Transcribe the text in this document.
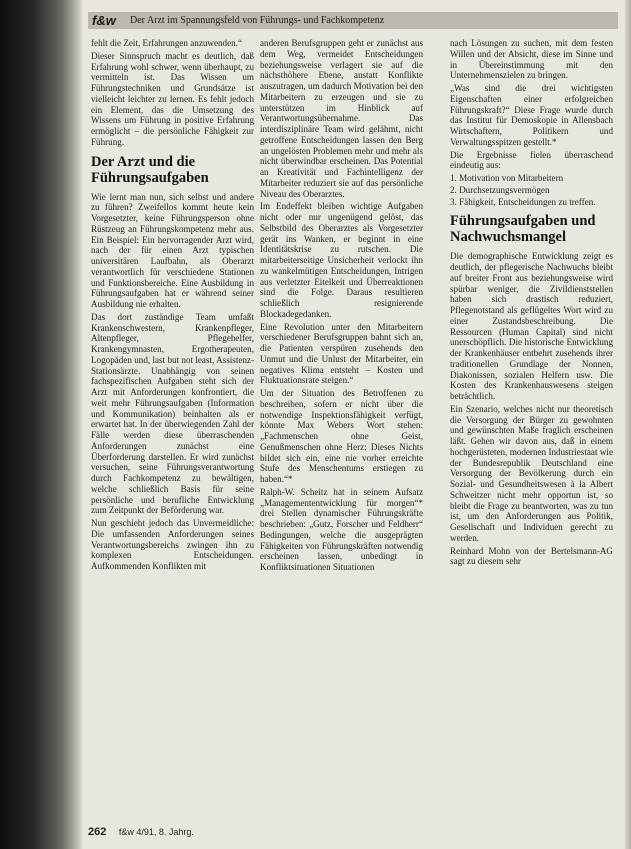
f&w Der Arzt im Spannungsfeld von Führungs- und Fachkompetenz

fehlt die Zeit, Erfahrungen anzuwenden.“

Dieser Sinnspruch macht es deutlich, daß Erfahrung wohl schwer, wenn überhaupt, zu vermitteln ist. Das Wissen um Führungstechniken und Grundsätze ist vielleicht leichter zu lernen. Es fehlt jedoch ein Element, das die Umsetzung des Wissens um Führung in positive Erfahrung ermöglicht – die persönliche Fähigkeit zur Führung.

Der Arzt und die Führungsaufgaben

Wie lernt man nun, sich selbst und andere zu führen? Zweifellos kommt heute kein Vorgesetzter, keine Führungsperson ohne Rüstzeug an Führungskompetenz mehr aus. Ein Beispiel: Ein hervorragender Arzt wird, nach der für einen Arzt typischen universitären Laufbahn, als Oberarzt verantwortlich für verschiedene Stationen und Funktionsbereiche. Eine Ausbildung in Führungsaufgaben hat er während seiner Ausbildung nie erhalten.

Das dort zuständige Team umfaßt Krankenschwestern, Krankenpfleger, Altenpfleger, Pflegehelfer, Krankengymnasten, Ergotherapeuten, Logopäden und, last but not least, Assistenz-Stationsärzte. Unabhängig von seinen fachspezifischen Aufgaben steht sich der Arzt mit Anforderungen konfrontiert, die weit mehr Führungsaufgaben (Information und Kommunikation) beinhalten als er erwartet hat. In der überwiegenden Zahl der Fälle werden diese überraschenden Anforderungen zunächst eine Überforderung darstellen. Er wird zunächst versuchen, seine Führungsverantwortung durch Fachkompetenz zu bewältigen, welche schließlich Basis für seine persönliche und berufliche Entwicklung zum Zeitpunkt der Beförderung war.

Nun geschieht jedoch das Unvermeidliche: Die umfassenden Anforderungen seines Verantwortungsbereichs zwingen ihn zu komplexen Entscheidungen. Aufkommenden Konflikten mit

anderen Berufsgruppen geht er zunächst aus dem Weg, vermeidet Entscheidungen beziehungsweise verlagert sie auf die nächsthöhere Ebene, anstatt Konflikte auszutragen, um dadurch Motivation bei den Mitarbeitern zu erzeugen und sie zu unterstützen im Hinblick auf Verantwortungsübernahme. Das interdisziplinäre Team wird gelähmt, nicht getroffene Entscheidungen lassen den Berg an ungelösten Problemen mehr und mehr als nicht überwindbar erscheinen. Das Potential an Kreativität und Fachintelligenz der Mitarbeiter reduziert sie auf das persönliche Niveau des Oberarztes.

Im Endeffekt bleiben wichtige Aufgaben nicht oder nur ungenügend gelöst, das Selbstbild des Oberarztes als Vorgesetzter gerät ins Wanken, er beginnt in eine Identitätskrise zu rutschen. Die mitarbeiterseitige Unsicherheit verlockt ihn zu wankelmütigen Entscheidungen, Intrigen aus verletzter Eitelkeit und Überreaktionen sind die Folge. Daraus resultieren schließlich resignierende Blockadegedanken.

Eine Revolution unter den Mitarbeitern verschiedener Berufsgruppen bahnt sich an, die Patienten verspüren zusehends den Unmut und die Unlust der Mitarbeiter, ein negatives Klima entsteht – Kosten und Fluktuationsrate steigen.“

Um der Situation des Betroffenen zu beschreiben, sofern er nicht über die notwendige Inspektionsfähigkeit verfügt, könnte Max Webers Wort stehen: „Fachmenschen ohne Geist, Genußmenschen ohne Herz: Dieses Nichts bildet sich ein, eine nie vorher erreichte Stufe des Menschentums erstiegen zu haben.“*

Ralph-W. Scheitz hat in seinem Aufsatz „Managemententwicklung für morgen“* drei Stellen dynamischer Führungskräfte beschrieben: „Gutz, Forscher und Feldherr“ Bedingungen, welche die ausgeprägten Fähigkeiten von Führungskräften notwendig erscheinen lassen, unbedingt in Konfliktsituationen Situationen

nach Lösungen zu suchen, mit dem festen Willen und der Absicht, diese im Sinne und in Übereinstimmung mit den Unternehmenszielen zu bringen.

„Was sind die drei wichtigsten Eigenschaften einer erfolgreichen Führungskraft?“ Diese Frage wurde durch das Institut für Demoskopie in Allensbach Wirtschaftern, Politikern und Verwaltungsspitzen gestellt.*

Die Ergebnisse fielen überraschend eindeutig aus:

1. Motivation von Mitarbeitern
2. Durchsetzungsvermögen
3. Fähigkeit, Entscheidungen zu treffen.
Führungsaufgaben und Nachwuchsmangel

Die demographische Entwicklung zeigt es deutlich, der pflegerische Nachwuchs bleibt auf breiter Front aus beziehungsweise wird spürbar weniger, die Zivildienststellen haben sich drastisch reduziert, Pflegenotstand als geflügeltes Wort wird zu einer Zustandsbeschreibung. Die Ressourcen (Human Capital) sind nicht unerschöpflich. Die historische Entwicklung der Krankenhäuser entbehrt zusehends ihrer traditionellen Grundlage der Nonnen, Diakonissen, sozialen Helfern usw. Die Kosten des Krankenhauswesens steigen beträchtlich.

Ein Szenario, welches nicht nur theoretisch die Versorgung der Bürger zu gewohnten und gewünschten Maße fraglich erscheinen läßt. Gehen wir davon aus, daß in einem hochgerüsteten, modernen Industriestaat wie der Bundesrepublik Deutschland eine Versorgung der Bevölkerung durch ein Sozial- und Gesundheitswesen à la Albert Schweitzer nicht mehr opportun ist, so bleibt die Frage zu beantworten, was zu tun ist, um den Anforderungen aus Politik, Gesellschaft und Individuen gerecht zu werden.

Reinhard Mohn von der Bertelsmann-AG sagt zu diesem sehr

262 f&w 4/91, 8. Jahrg.
